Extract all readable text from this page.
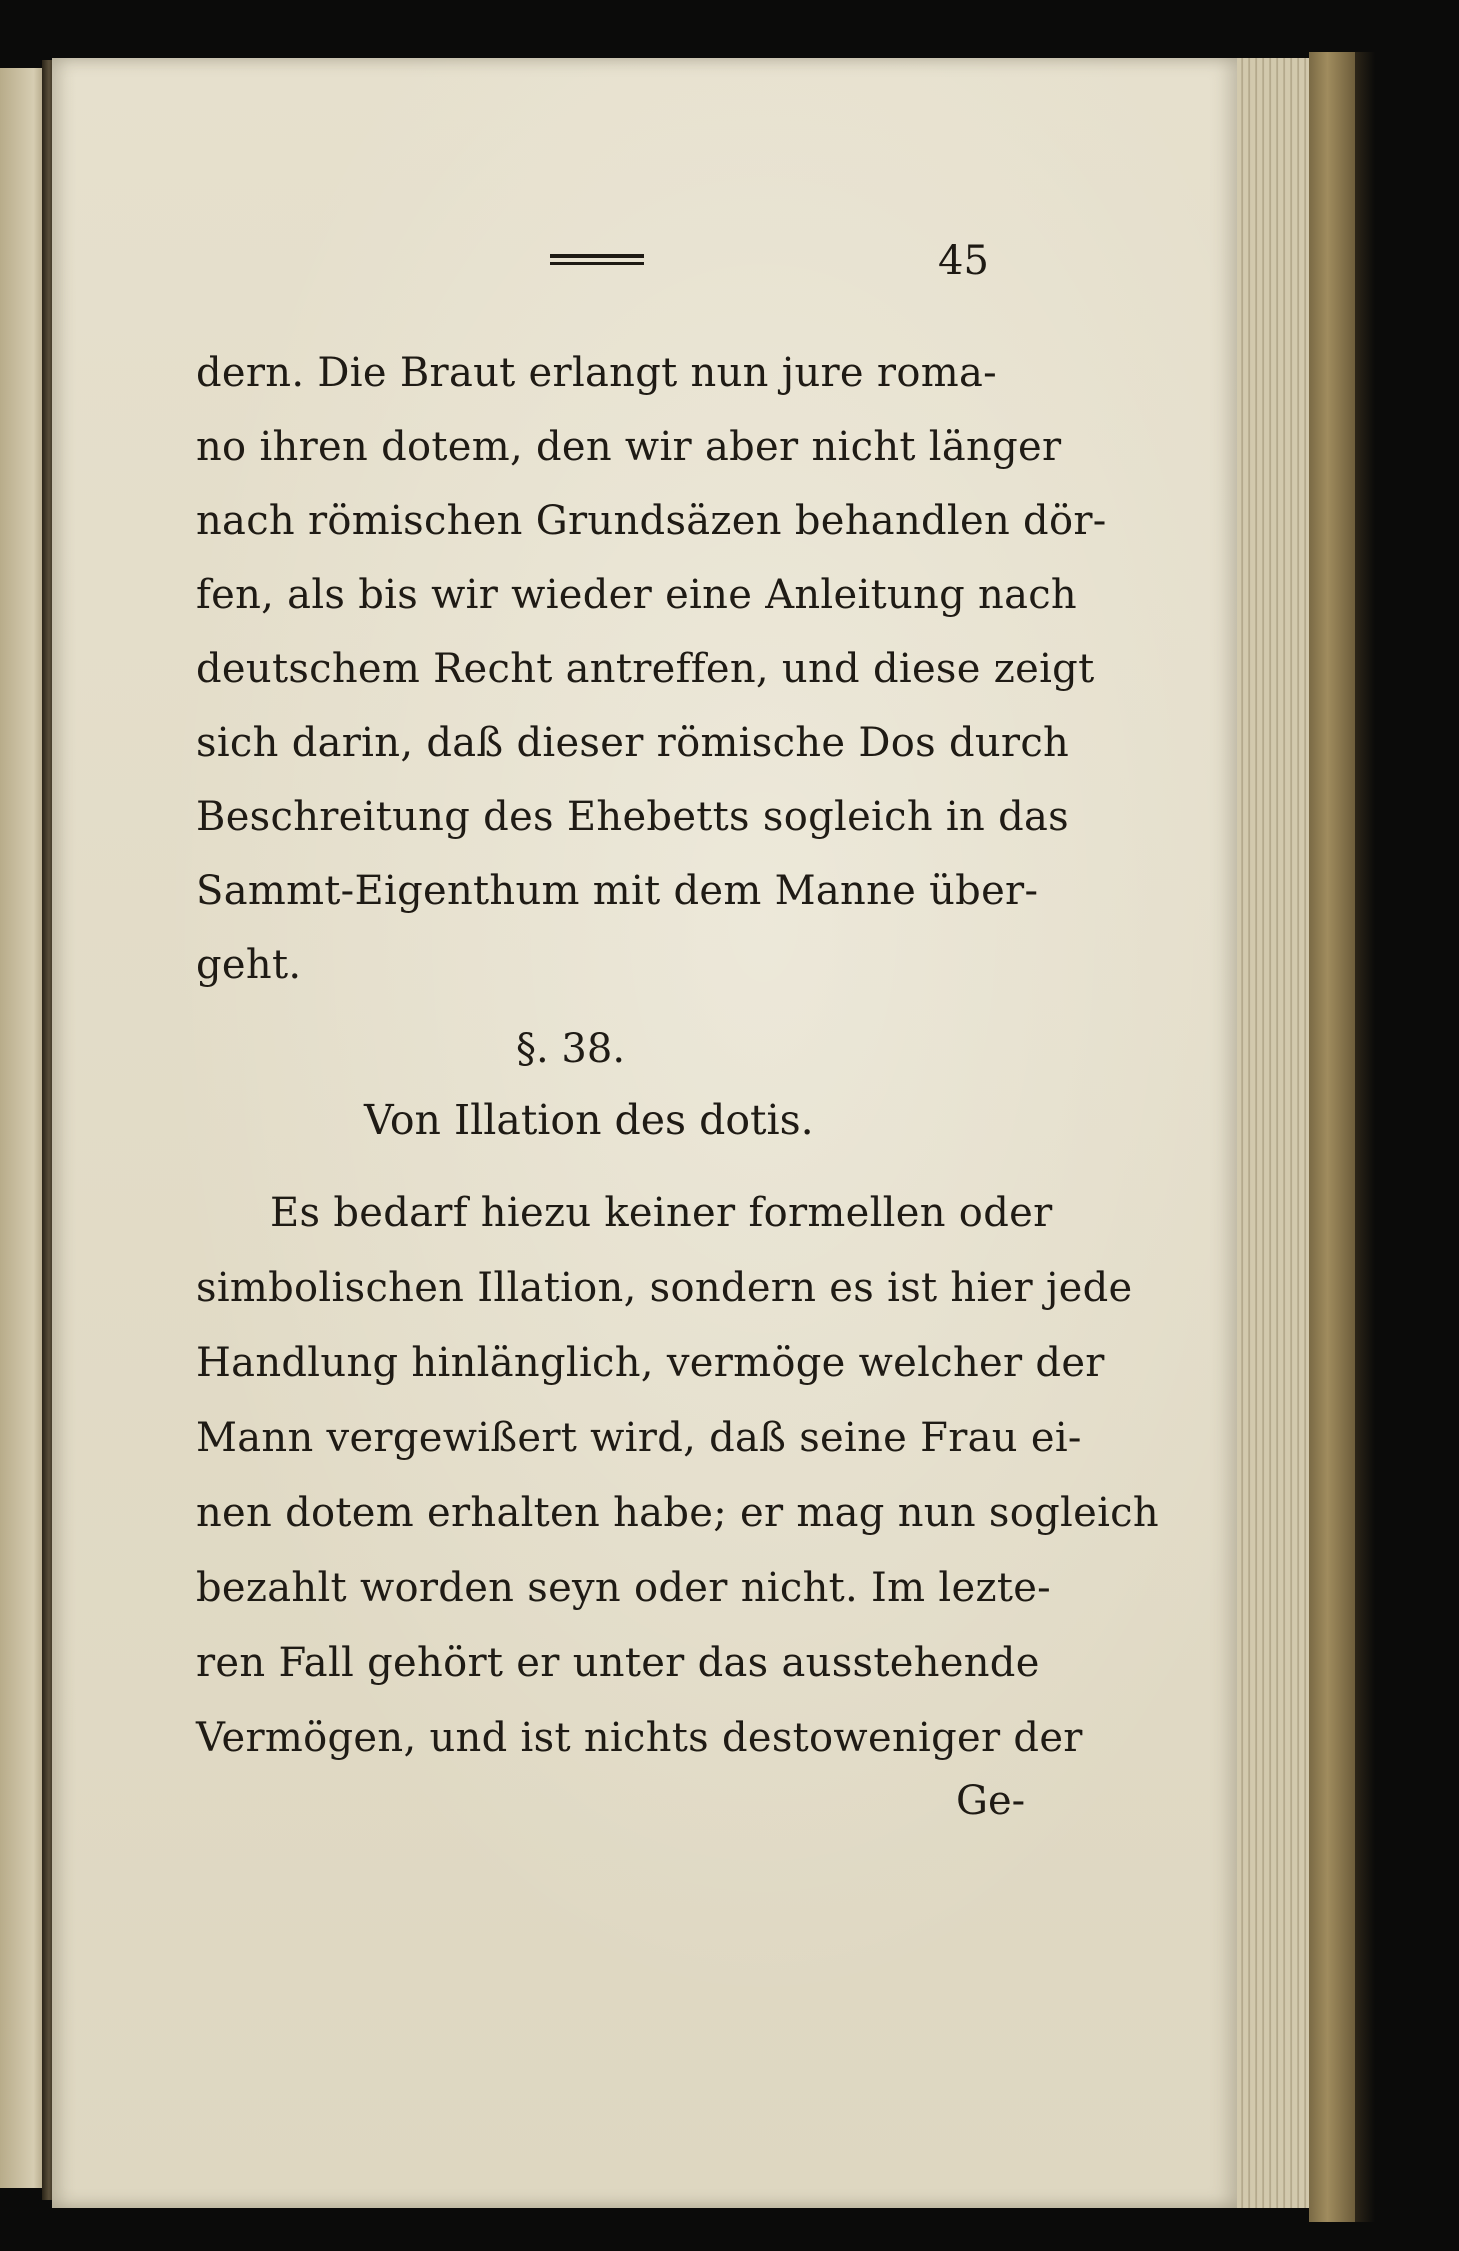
45
dern. Die Braut erlangt nun jure roma-
no ihren dotem, den wir aber nicht länger
nach römischen Grundsäzen behandlen dör-
fen, als bis wir wieder eine Anleitung nach
deutschem Recht antreffen, und diese zeigt
sich darin, daß dieser römische Dos durch
Beschreitung des Ehebetts sogleich in das
Sammt-Eigenthum mit dem Manne über-
geht.
§. 38.
Von Illation des dotis.
Es bedarf hiezu keiner formellen oder
simbolischen Illation, sondern es ist hier jede
Handlung hinlänglich, vermöge welcher der
Mann vergewißert wird, daß seine Frau ei-
nen dotem erhalten habe; er mag nun sogleich
bezahlt worden seyn oder nicht. Im lezte-
ren Fall gehört er unter das ausstehende
Vermögen, und ist nichts destoweniger der
Ge-
